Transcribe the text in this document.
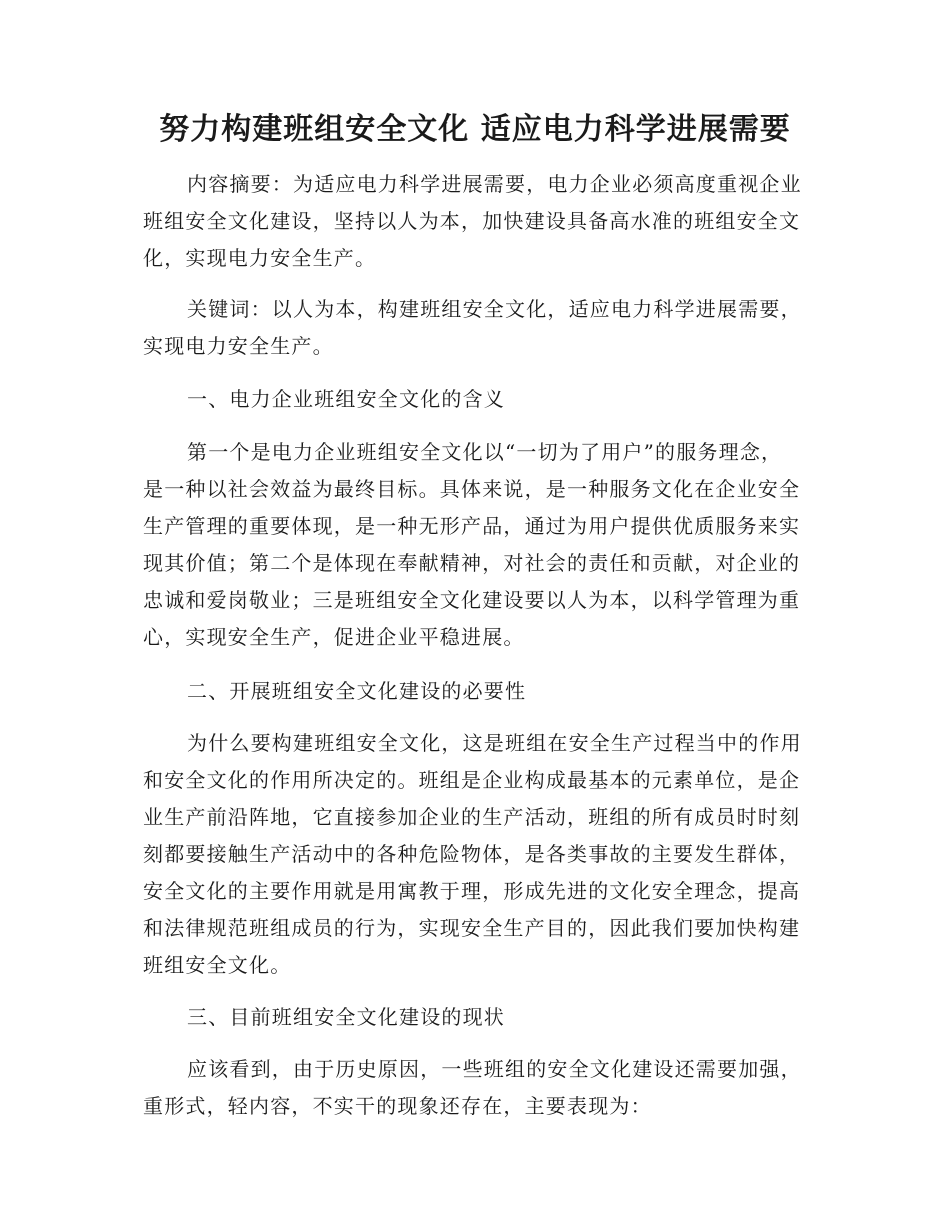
努力构建班组安全文化 适应电力科学进展需要

内容摘要：为适应电力科学进展需要，电力企业必须高度重视企业班组安全文化建设，坚持以人为本，加快建设具备高水准的班组安全文化，实现电力安全生产。

关键词：以人为本，构建班组安全文化，适应电力科学进展需要，实现电力安全生产。

一、电力企业班组安全文化的含义

第一个是电力企业班组安全文化以“一切为了用户”的服务理念，是一种以社会效益为最终目标。具体来说，是一种服务文化在企业安全生产管理的重要体现，是一种无形产品，通过为用户提供优质服务来实现其价值；第二个是体现在奉献精神，对社会的责任和贡献，对企业的忠诚和爱岗敬业；三是班组安全文化建设要以人为本，以科学管理为重心，实现安全生产，促进企业平稳进展。

二、开展班组安全文化建设的必要性

为什么要构建班组安全文化，这是班组在安全生产过程当中的作用和安全文化的作用所决定的。班组是企业构成最基本的元素单位，是企业生产前沿阵地，它直接参加企业的生产活动，班组的所有成员时时刻刻都要接触生产活动中的各种危险物体，是各类事故的主要发生群体，安全文化的主要作用就是用寓教于理，形成先进的文化安全理念，提高和法律规范班组成员的行为，实现安全生产目的，因此我们要加快构建班组安全文化。

三、目前班组安全文化建设的现状

应该看到，由于历史原因，一些班组的安全文化建设还需要加强，重形式，轻内容，不实干的现象还存在，主要表现为：
